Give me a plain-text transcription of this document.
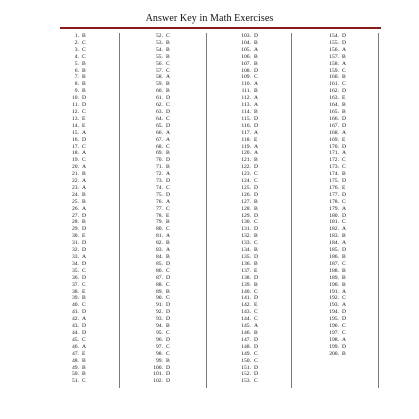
Answer Key in Math Exercises
1. B
2. C
3. C
4. C
5. B
6. B
7. B
8. B
9. B
10. D
11. D
12. C
13. E
14. E
15. A
16. D
17. C
18. A
19. C
20. A
21. B
22. A
23. A
24. B
25. B
26. A
27. D
28. B
29. D
30. E
31. D
32. D
33. A
34. D
35. C
36. D
37. C
38. E
39. B
40. C
41. D
42. A
43. D
44. D
45. C
46. A
47. E
48. B
49. B
50. B
51. C
52. C
53. B
54. B
55. B
56. C
57. C
58. A
59. B
60. B
61. D
62. C
63. D
64. C
65. D
66. A
67. A
68. C
69. B
70. D
71. B
72. A
73. D
74. C
75. D
76. A
77. C
78. E
79. B
80. C
81. A
82. B
83. A
84. B
85. D
86. C
87. D
88. C
89. B
90. C
91. D
92. D
93. D
94. B
95. C
96. D
97. C
98. C
99. B
100. D
101. D
102. D
103. D
104. B
105. A
106. B
107. B
108. D
109. C
110. A
111. B
112. A
113. A
114. B
115. D
116. D
117. A
118. E
119. A
120. A
121. B
122. D
123. C
124. C
125. D
126. D
127. B
128. B
129. D
130. C
131. D
132. B
133. C
134. B
135. D
136. B
137. E
138. D
139. B
140. C
141. D
142. E
143. C
144. C
145. A
146. B
147. D
148. D
149. C
150. C
151. D
152. D
153. C
154. D
155. D
156. A
157. B
158. A
159. C
160. B
161. C
162. D
163. E
164. B
165. B
166. D
167. D
168. A
169. E
170. D
171. A
172. C
173. C
174. B
175. D
176. E
177. D
178. C
179. A
180. D
181. C
182. A
183. B
184. A
185. D
186. B
187. C
188. B
189. B
190. B
191. A
192. C
193. A
194. D
195. D
196. C
197. C
198. A
199. D
200. B
